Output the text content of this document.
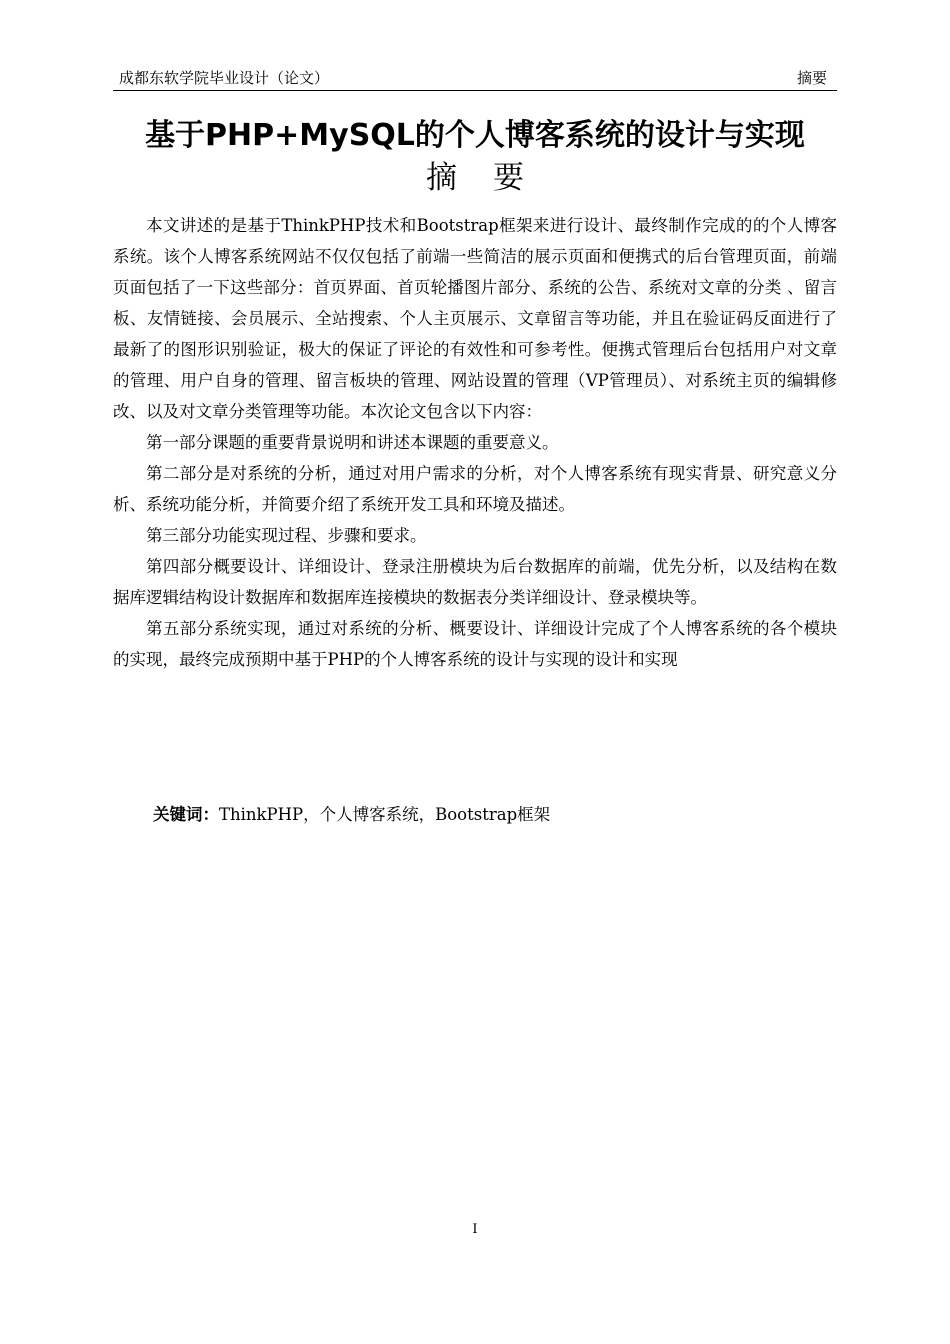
成都东软学院毕业设计（论文）	摘要
基于PHP+MySQL的个人博客系统的设计与实现
摘要

本文讲述的是基于ThinkPHP技术和Bootstrap框架来进行设计、最终制作完成的的个人博客系统。该个人博客系统网站不仅仅包括了前端一些简洁的展示页面和便携式的后台管理页面，前端页面包括了一下这些部分：首页界面、首页轮播图片部分、系统的公告、系统对文章的分类 、留言板、友情链接、会员展示、全站搜索、个人主页展示、文章留言等功能，并且在验证码反面进行了最新了的图形识别验证，极大的保证了评论的有效性和可参考性。便携式管理后台包括用户对文章的管理、用户自身的管理、留言板块的管理、网站设置的管理（VP管理员）、对系统主页的编辑修改、以及对文章分类管理等功能。本次论文包含以下内容：

第一部分课题的重要背景说明和讲述本课题的重要意义。

第二部分是对系统的分析，通过对用户需求的分析，对个人博客系统有现实背景、研究意义分析、系统功能分析，并简要介绍了系统开发工具和环境及描述。

第三部分功能实现过程、步骤和要求。

第四部分概要设计、详细设计、登录注册模块为后台数据库的前端，优先分析，以及结构在数据库逻辑结构设计数据库和数据库连接模块的数据表分类详细设计、登录模块等。

第五部分系统实现，通过对系统的分析、概要设计、详细设计完成了个人博客系统的各个模块的实现，最终完成预期中基于PHP的个人博客系统的设计与实现的设计和实现

关键词：ThinkPHP，个人博客系统，Bootstrap框架
I
